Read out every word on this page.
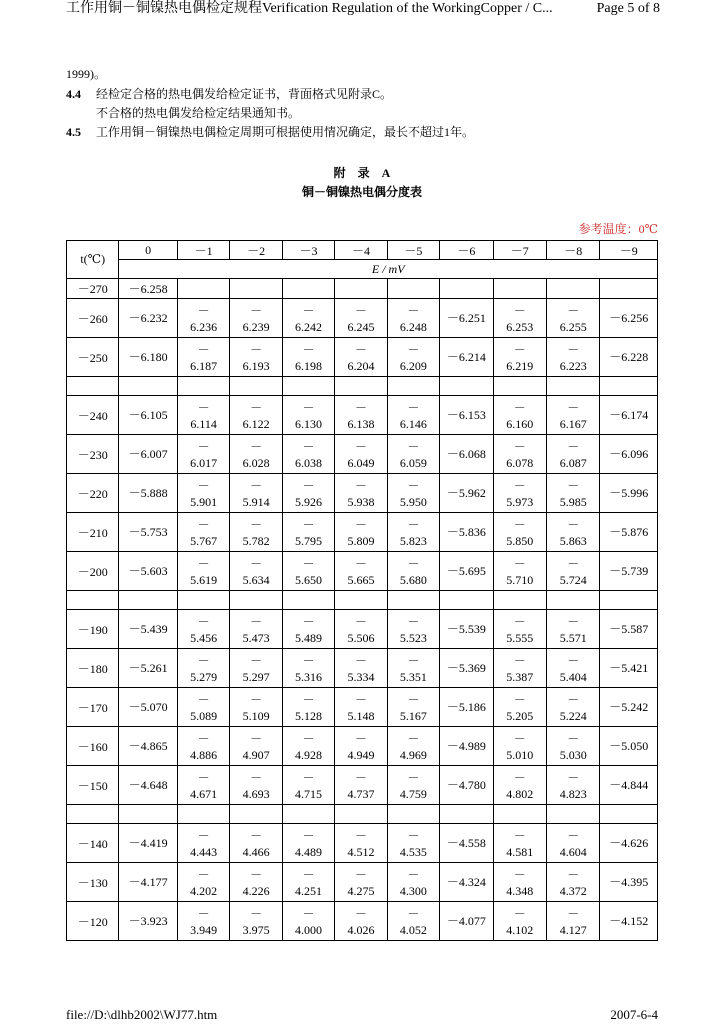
工作用铜－铜镍热电偶检定规程Verification Regulation of the WorkingCopper / C...	Page 5 of 8
1999)。
4.4 经检定合格的热电偶发给检定证书，背面格式见附录C。
不合格的热电偶发给检定结果通知书。
4.5 工作用铜－铜镍热电偶检定周期可根据使用情况确定，最长不超过1年。
附　录　A
铜－铜镍热电偶分度表
参考温度：0℃
t(℃)	0	－1	－2	－3	－4	－5	－6	－7	－8	－9
	E / mV									
－270	－6.258									
－260	－6.232	－
6.236	－
6.239	－
6.242	－
6.245	－
6.248	－6.251	－
6.253	－
6.255	－6.256

－250	－6.180	－
6.187	－
6.193	－
6.198	－
6.204	－
6.209	－6.214	－
6.219	－
6.223	－6.228

－240	－6.105	－
6.114	－
6.122	－
6.130	－
6.138	－
6.146	－6.153	－
6.160	－
6.167	－6.174

－230	－6.007	－
6.017	－
6.028	－
6.038	－
6.049	－
6.059	－6.068	－
6.078	－
6.087	－6.096

－220	－5.888	－
5.901	－
5.914	－
5.926	－
5.938	－
5.950	－5.962	－
5.973	－
5.985	－5.996

－210	－5.753	－
5.767	－
5.782	－
5.795	－
5.809	－
5.823	－5.836	－
5.850	－
5.863	－5.876

－200	－5.603	－
5.619	－
5.634	－
5.650	－
5.665	－
5.680	－5.695	－
5.710	－
5.724	－5.739

－190	－5.439	－
5.456	－
5.473	－
5.489	－
5.506	－
5.523	－5.539	－
5.555	－
5.571	－5.587

－180	－5.261	－
5.279	－
5.297	－
5.316	－
5.334	－
5.351	－5.369	－
5.387	－
5.404	－5.421

－170	－5.070	－
5.089	－
5.109	－
5.128	－
5.148	－
5.167	－5.186	－
5.205	－
5.224	－5.242

－160	－4.865	－
4.886	－
4.907	－
4.928	－
4.949	－
4.969	－4.989	－
5.010	－
5.030	－5.050

－150	－4.648	－
4.671	－
4.693	－
4.715	－
4.737	－
4.759	－4.780	－
4.802	－
4.823	－4.844

－140	－4.419	－
4.443	－
4.466	－
4.489	－
4.512	－
4.535	－4.558	－
4.581	－
4.604	－4.626

－130	－4.177	－
4.202	－
4.226	－
4.251	－
4.275	－
4.300	－4.324	－
4.348	－
4.372	－4.395

－120	－3.923	－
3.949	－
3.975	－
4.000	－
4.026	－
4.052	－4.077	－
4.102	－
4.127	－4.152
file://D:\dlhb2002\WJ77.htm	2007-6-4
